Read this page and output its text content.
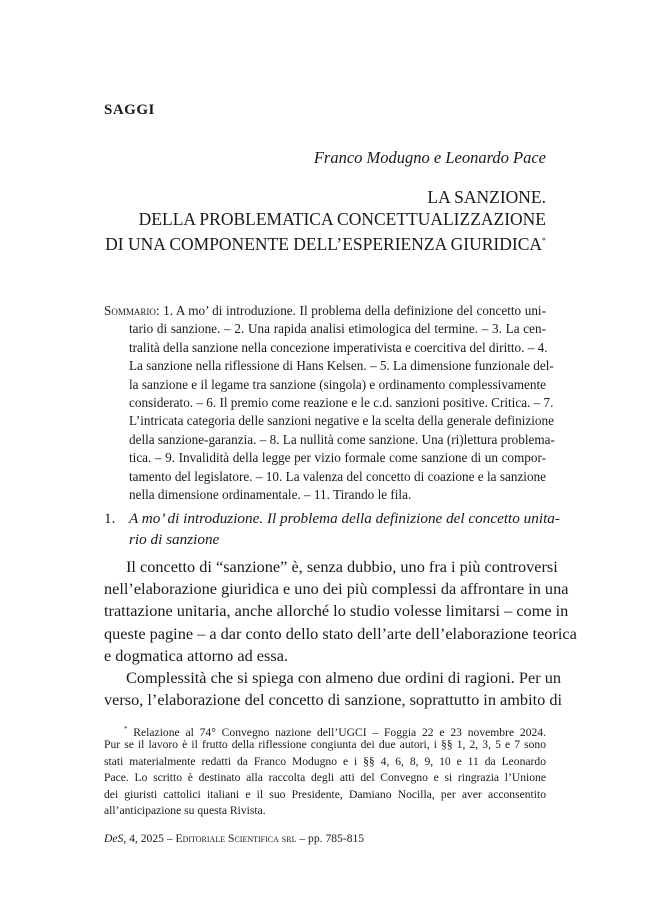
SAGGI
Franco Modugno e Leonardo Pace
LA SANZIONE.
DELLA PROBLEMATICA CONCETTUALIZZAZIONE
DI UNA COMPONENTE DELL’ESPERIENZA GIURIDICA*
Sommario: 1. A mo’ di introduzione. Il problema della definizione del concetto uni-
tario di sanzione. – 2. Una rapida analisi etimologica del termine. – 3. La cen-
tralità della sanzione nella concezione imperativista e coercitiva del diritto. – 4.
La sanzione nella riflessione di Hans Kelsen. – 5. La dimensione funzionale del-
la sanzione e il legame tra sanzione (singola) e ordinamento complessivamente
considerato. – 6. Il premio come reazione e le c.d. sanzioni positive. Critica. – 7.
L’intricata categoria delle sanzioni negative e la scelta della generale definizione
della sanzione-garanzia. – 8. La nullità come sanzione. Una (ri)lettura problema-
tica. – 9. Invalidità della legge per vizio formale come sanzione di un compor-
tamento del legislatore. – 10. La valenza del concetto di coazione e la sanzione
nella dimensione ordinamentale. – 11. Tirando le fila.
1. A mo’ di introduzione. Il problema della definizione del concetto unita-
rio di sanzione
Il concetto di “sanzione” è, senza dubbio, uno fra i più controversi
nell’elaborazione giuridica e uno dei più complessi da affrontare in una
trattazione unitaria, anche allorché lo studio volesse limitarsi – come in
queste pagine – a dar conto dello stato dell’arte dell’elaborazione teorica
e dogmatica attorno ad essa.
Complessità che si spiega con almeno due ordini di ragioni. Per un
verso, l’elaborazione del concetto di sanzione, soprattutto in ambito di
* Relazione al 74° Convegno nazione dell’UGCI – Foggia 22 e 23 novembre 2024.
Pur se il lavoro è il frutto della riflessione congiunta dei due autori, i §§ 1, 2, 3, 5 e 7 sono
stati materialmente redatti da Franco Modugno e i §§ 4, 6, 8, 9, 10 e 11 da Leonardo
Pace. Lo scritto è destinato alla raccolta degli atti del Convegno e si ringrazia l’Unione
dei giuristi cattolici italiani e il suo Presidente, Damiano Nocilla, per aver acconsentito
all’anticipazione su questa Rivista.
DeS, 4, 2025 – Editoriale Scientifica srl – pp. 785-815
